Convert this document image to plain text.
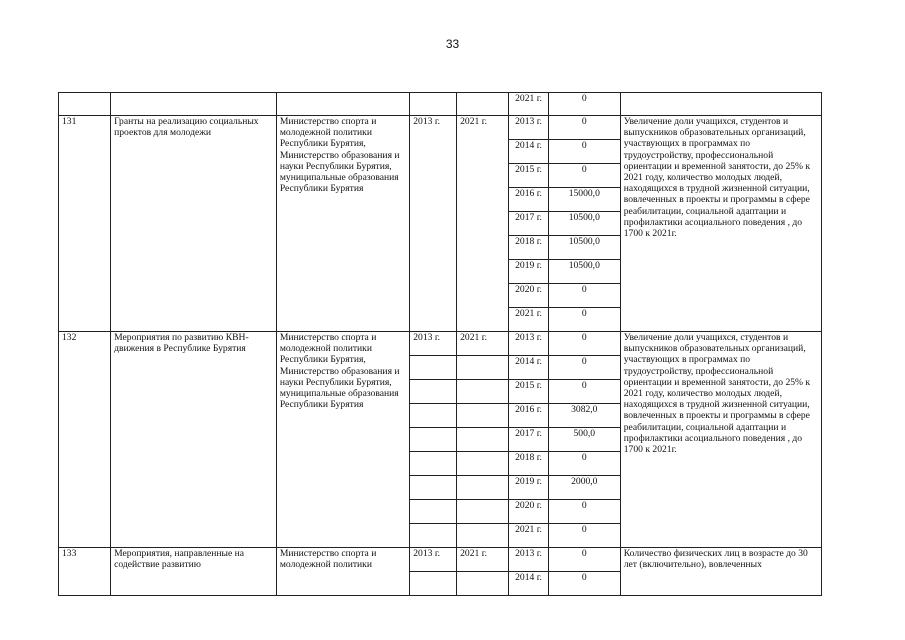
33
					2021 г.	0	
131	Гранты на реализацию социальных проектов для молодежи	Министерство спорта и молодежной политики Республики Бурятия, Министерство образования и науки Республики Бурятия, муниципальные образования Республики Бурятия	2013 г.	2021 г.	2013 г.	0	Увеличение доли учащихся, студентов и выпускников образовательных организаций, участвующих в программах по трудоустройству, профессиональной ориентации и временной занятости, до 25% к 2021 году, количество молодых людей, находящихся в трудной жизненной ситуации, вовлеченных в проекты и программы в сфере реабилитации, социальной адаптации и профилактики асоциального поведения , до 1700 к 2021г.
					2014 г.	0	
					2015 г.	0	
					2016 г.	15000,0	
					2017 г.	10500,0	
					2018 г.	10500,0	
					2019 г.	10500,0	
					2020 г.	0	
					2021 г.	0	
132	Мероприятия по развитию КВН-движения в Республике Бурятия	Министерство спорта и молодежной политики Республики Бурятия, Министерство образования и науки Республики Бурятия, муниципальные образования Республики Бурятия	2013 г.	2021 г.	2013 г.	0	Увеличение доли учащихся, студентов и выпускников образовательных организаций, участвующих в программах по трудоустройству, профессиональной ориентации и временной занятости, до 25% к 2021 году, количество молодых людей, находящихся в трудной жизненной ситуации, вовлеченных в проекты и программы в сфере реабилитации, социальной адаптации и профилактики асоциального поведения , до 1700 к 2021г.
					2014 г.	0	
					2015 г.	0	
					2016 г.	3082,0	
					2017 г.	500,0	
					2018 г.	0	
					2019 г.	2000,0	
					2020 г.	0	
					2021 г.	0	
133	Мероприятия, направленные на содействие развитию	Министерство спорта и молодежной политики	2013 г.	2021 г.	2013 г.	0	Количество физических лиц в возрасте до 30 лет (включительно), вовлеченных
					2014 г.	0	
